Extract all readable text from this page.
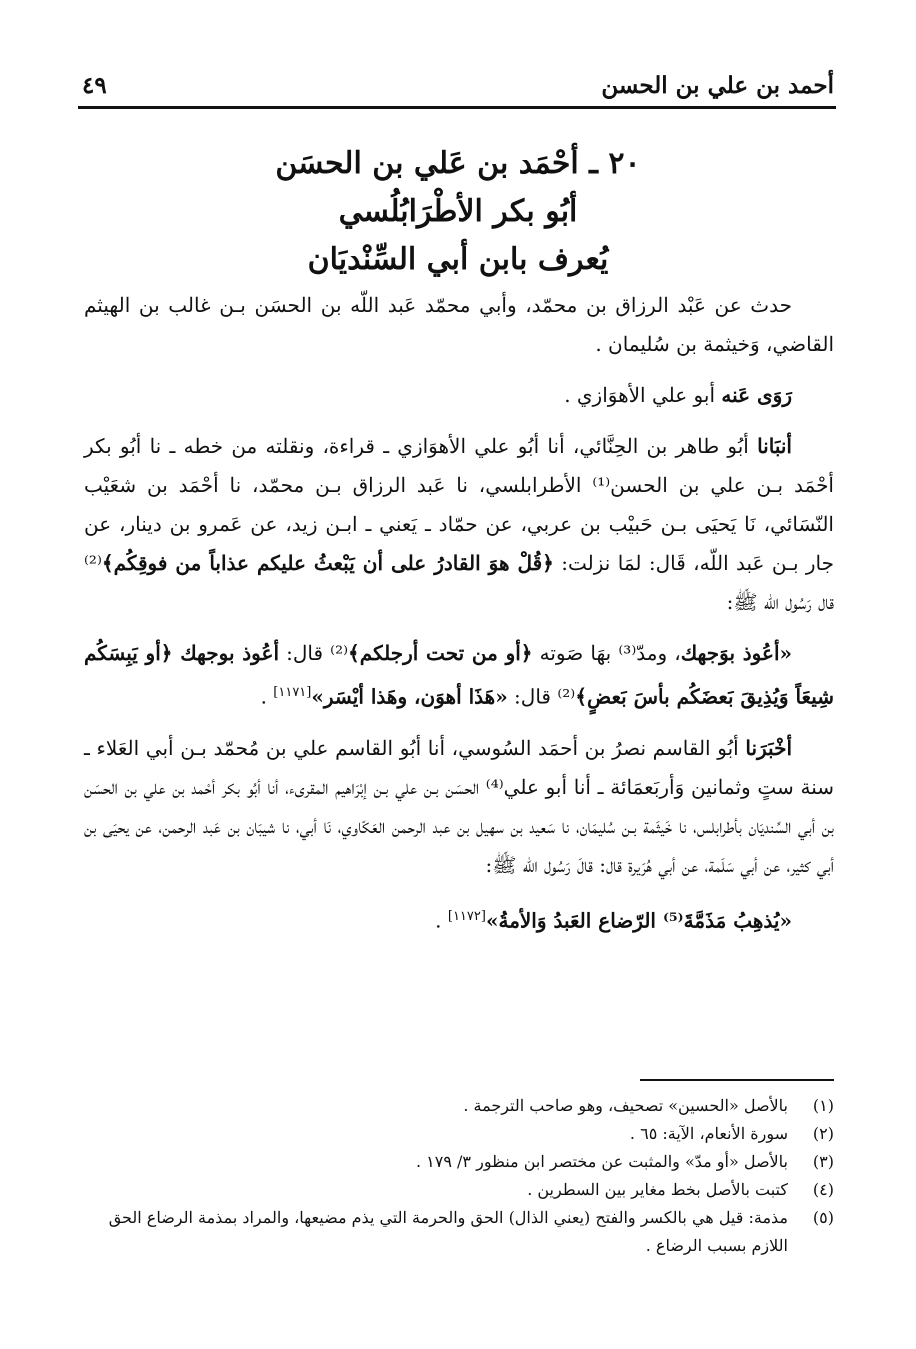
أحمد بن علي بن الحسن
٤٩
٢٠ ـ أحْمَد بن عَلي بن الحسَن
أبُو بكر الأطْرَابُلُسي
يُعرف بابن أبي السِّنْديَان

حدث عن عَبْد الرزاق بن محمّد، وأبي محمّد عَبد اللّه بن الحسَن بـن غالب بن الهيثم القاضي، وَخيثمة بن سُليمان .

رَوَى عَنه أبو علي الأهوَازي .

أنبَانا أبُو طاهر بن الحِنَّائي، أنا أبُو علي الأهوَازي ـ قراءة، ونقلته من خطه ـ نا أبُو بكر أحْمَد بـن علي بن الحسن⁽¹⁾ الأطرابلسي، نا عَبد الرزاق بـن محمّد، نا أحْمَد بن شعَيْب النّسَائي، نَا يَحيَى بـن حَبيْب بن عربي، عن حمّاد ـ يَعني ـ ابـن زيد، عن عَمرو بن دينار، عن جار بـن عَبد اللّه، قَال: لمَا نزلت: ﴿قُلْ هوَ القادرُ على أن يَبْعثُ عليكم عذاباً من فوقِكُم﴾⁽²⁾ قال رَسُول الله ﷺ:

«أعُوذ بوَجهك، ومدّ⁽³⁾ بهَا صَوته ﴿أو من تحت أرجلكم﴾⁽²⁾ قال: أعُوذ بوجهك ﴿أو يَبِسَكُم شِيعَاً وَيُذِيقَ بَعضَكُم بأسَ بَعضٍ﴾⁽²⁾ قال: «هَذَا أهوَن، وهَذا أيْسَر»[١١٧١] .

أخْبَرَنا أبُو القاسم نصرُ بن أحمَد السُوسي، أنا أبُو القاسم علي بن مُحمّد بـن أبي العَلاء ـ سنة ستٍ وثمانين وَأربَعمَائة ـ أنا أبو علي⁽⁴⁾ الحسَن بـن علي بـن إبْرَاهيم المقرىء، أنا أبُو بكر أحْمد بن علي بن الحسَن بن أبي السِّنديَان بأطرابلس، نا خَيثَمة بـن سُليمَان، نا سَعيد بن سهيل بن عبد الرحمن العَكّاوي، نَا أبي، نا شيبَان بن عَبد الرحمن، عن يحيَى بن أبي كثير، عن أبي سَلَمة، عن أبي هُرَيرة قال: قالَ رَسُول الله ﷺ:

«يُذهِبُ مَذَمَّةَ⁽⁵⁾ الرّضاع العَبدُ وَالأمةُ»[١١٧٢] .

(١)
بالأصل «الحسين» تصحيف، وهو صاحب الترجمة .
(٢)
سورة الأنعام، الآية: ٦٥ .
(٣)
بالأصل «أو مدّ» والمثبت عن مختصر ابن منظور ٣/ ١٧٩ .
(٤)
كتبت بالأصل بخط مغاير بين السطرين .
(٥)
مذمة: قيل هي بالكسر والفتح (يعني الذال) الحق والحرمة التي يذم مضيعها، والمراد بمذمة الرضاع الحق اللازم بسبب الرضاع .
